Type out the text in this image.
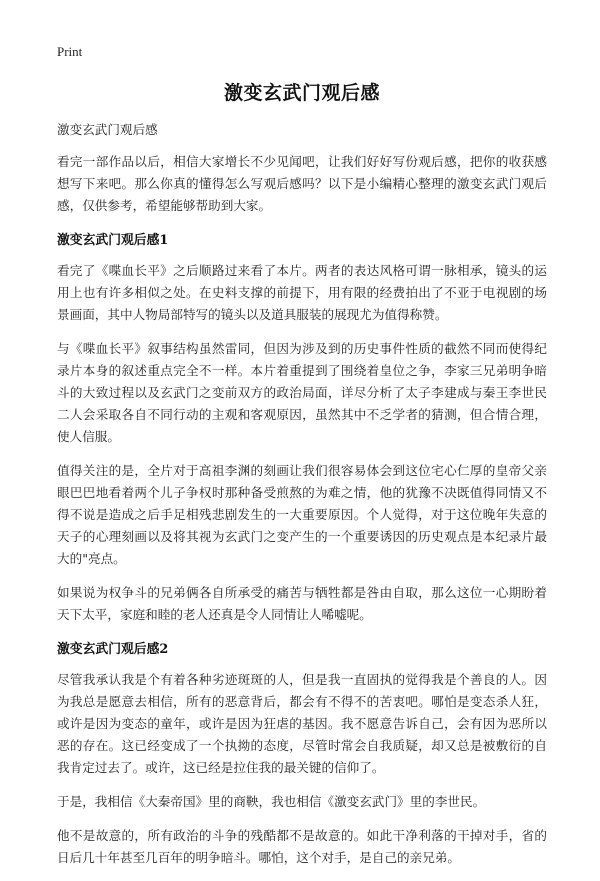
Print
激变玄武门观后感

激变玄武门观后感

看完一部作品以后，相信大家增长不少见闻吧，让我们好好写份观后感，把你的收获感想写下来吧。那么你真的懂得怎么写观后感吗？以下是小编精心整理的激变玄武门观后感，仅供参考，希望能够帮助到大家。

激变玄武门观后感1

看完了《喋血长平》之后顺路过来看了本片。两者的表达风格可谓一脉相承，镜头的运用上也有许多相似之处。在史料支撑的前提下，用有限的经费拍出了不亚于电视剧的场景画面，其中人物局部特写的镜头以及道具服装的展现尤为值得称赞。

与《喋血长平》叙事结构虽然雷同，但因为涉及到的历史事件性质的截然不同而使得纪录片本身的叙述重点完全不一样。本片着重提到了围绕着皇位之争，李家三兄弟明争暗斗的大致过程以及玄武门之变前双方的政治局面，详尽分析了太子李建成与秦王李世民二人会采取各自不同行动的主观和客观原因，虽然其中不乏学者的猜测，但合情合理，使人信服。

值得关注的是，全片对于高祖李渊的刻画让我们很容易体会到这位宅心仁厚的皇帝父亲眼巴巴地看着两个儿子争权时那种备受煎熬的为难之情，他的犹豫不决既值得同情又不得不说是造成之后手足相残悲剧发生的一大重要原因。个人觉得，对于这位晚年失意的天子的心理刻画以及将其视为玄武门之变产生的一个重要诱因的历史观点是本纪录片最大的"亮点。

如果说为权争斗的兄弟俩各自所承受的痛苦与牺牲都是咎由自取，那么这位一心期盼着天下太平，家庭和睦的老人还真是令人同情让人唏嘘呢。

激变玄武门观后感2

尽管我承认我是个有着各种劣迹斑斑的人，但是我一直固执的觉得我是个善良的人。因为我总是愿意去相信，所有的恶意背后，都会有不得不的苦衷吧。哪怕是变态杀人狂，或许是因为变态的童年，或许是因为狂虐的基因。我不愿意告诉自己，会有因为恶所以恶的存在。这已经变成了一个执拗的态度，尽管时常会自我质疑，却又总是被敷衍的自我肯定过去了。或许，这已经是拉住我的最关键的信仰了。

于是，我相信《大秦帝国》里的商鞅，我也相信《激变玄武门》里的李世民。

他不是故意的，所有政治的斗争的残酷都不是故意的。如此干净利落的干掉对手，省的日后几十年甚至几百年的明争暗斗。哪怕，这个对手，是自己的亲兄弟。
